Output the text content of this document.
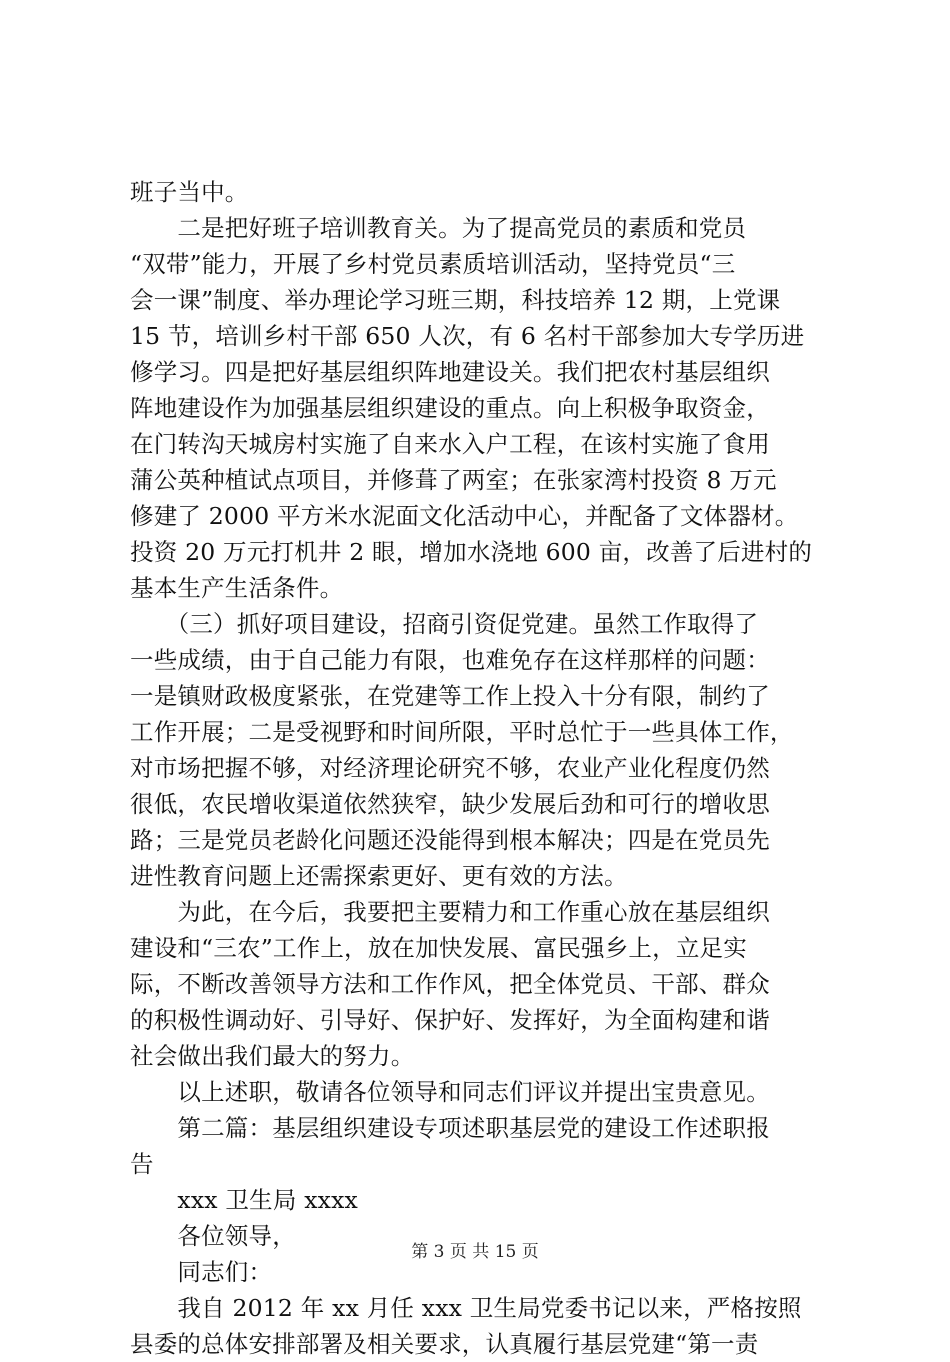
班子当中。
　　二是把好班子培训教育关。为了提高党员的素质和党员
“双带”能力，开展了乡村党员素质培训活动，坚持党员“三
会一课”制度、举办理论学习班三期，科技培养 12 期，上党课
15 节，培训乡村干部 650 人次，有 6 名村干部参加大专学历进
修学习。四是把好基层组织阵地建设关。我们把农村基层组织
阵地建设作为加强基层组织建设的重点。向上积极争取资金，
在门转沟天城房村实施了自来水入户工程，在该村实施了食用
蒲公英种植试点项目，并修葺了两室；在张家湾村投资 8 万元
修建了 2000 平方米水泥面文化活动中心，并配备了文体器材。
投资 20 万元打机井 2 眼，增加水浇地 600 亩，改善了后进村的
基本生产生活条件。
　　（三）抓好项目建设，招商引资促党建。虽然工作取得了
一些成绩，由于自己能力有限，也难免存在这样那样的问题：
一是镇财政极度紧张，在党建等工作上投入十分有限，制约了
工作开展；二是受视野和时间所限，平时总忙于一些具体工作，
对市场把握不够，对经济理论研究不够，农业产业化程度仍然
很低，农民增收渠道依然狭窄，缺少发展后劲和可行的增收思
路；三是党员老龄化问题还没能得到根本解决；四是在党员先
进性教育问题上还需探索更好、更有效的方法。
　　为此，在今后，我要把主要精力和工作重心放在基层组织
建设和“三农”工作上，放在加快发展、富民强乡上，立足实
际，不断改善领导方法和工作作风，把全体党员、干部、群众
的积极性调动好、引导好、保护好、发挥好，为全面构建和谐
社会做出我们最大的努力。
　　以上述职，敬请各位领导和同志们评议并提出宝贵意见。
　　第二篇：基层组织建设专项述职基层党的建设工作述职报
告
　　xxx 卫生局 xxxx
　　各位领导，
　　同志们：
　　我自 2012 年 xx 月任 xxx 卫生局党委书记以来，严格按照
县委的总体安排部署及相关要求，认真履行基层党建“第一责
第 3 页 共 15 页
